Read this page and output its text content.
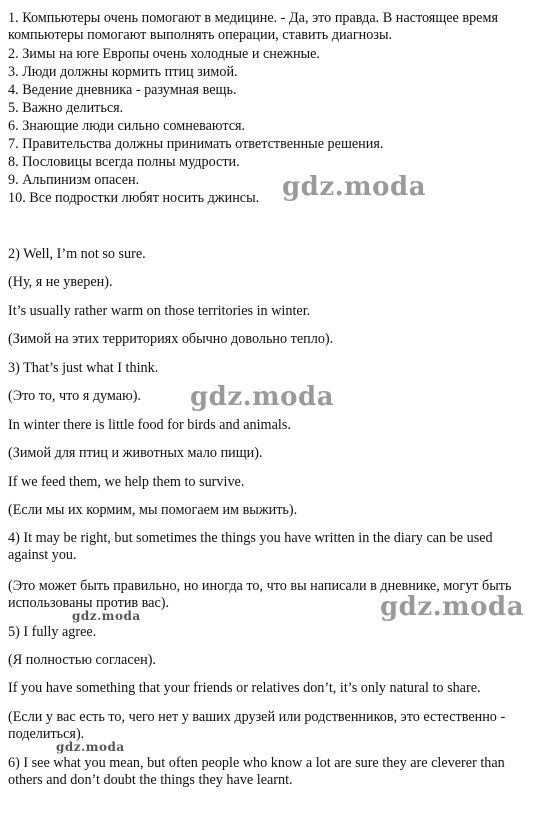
1. Компьютеры очень помогают в медицине. - Да, это правда. В настоящее время компьютеры помогают выполнять операции, ставить диагнозы.
2. Зимы на юге Европы очень холодные и снежные.
3. Люди должны кормить птиц зимой.
4. Ведение дневника - разумная вещь.
5. Важно делиться.
6. Знающие люди сильно сомневаются.
7. Правительства должны принимать ответственные решения.
8. Пословицы всегда полны мудрости.
9. Альпинизм опасен.
10. Все подростки любят носить джинсы.
2) Well, I’m not so sure.
(Ну, я не уверен).
It’s usually rather warm on those territories in winter.
(Зимой на этих территориях обычно довольно тепло).
3) That’s just what I think.
(Это то, что я думаю).
In winter there is little food for birds and animals.
(Зимой для птиц и животных мало пищи).
If we feed them, we help them to survive.
(Если мы их кормим, мы помогаем им выжить).
4) It may be right, but sometimes the things you have written in the diary can be used against you.
(Это может быть правильно, но иногда то, что вы написали в дневнике, могут быть использованы против вас).
5) I fully agree.
(Я полностью согласен).
If you have something that your friends or relatives don’t, it’s only natural to share.
(Если у вас есть то, чего нет у ваших друзей или родственников, это естественно - поделиться).
6) I see what you mean, but often people who know a lot are sure they are cleverer than others and don’t doubt the things they have learnt.
gdz.moda
gdz.moda
gdz.moda
gdz.moda
gdz.moda
